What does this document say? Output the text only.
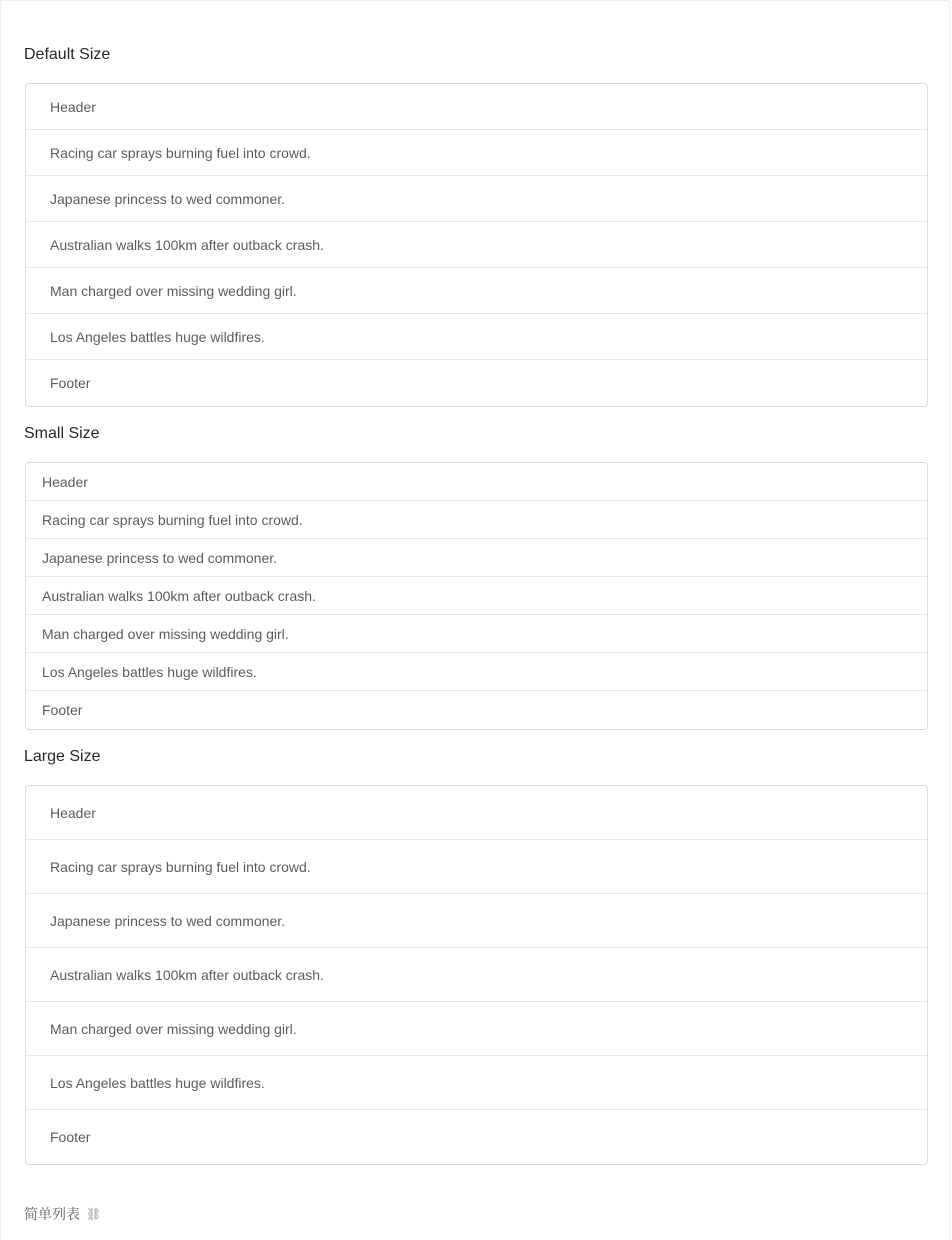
Default Size
Header
Racing car sprays burning fuel into crowd.
Japanese princess to wed commoner.
Australian walks 100km after outback crash.
Man charged over missing wedding girl.
Los Angeles battles huge wildfires.
Footer
Small Size
Header
Racing car sprays burning fuel into crowd.
Japanese princess to wed commoner.
Australian walks 100km after outback crash.
Man charged over missing wedding girl.
Los Angeles battles huge wildfires.
Footer
Large Size
Header
Racing car sprays burning fuel into crowd.
Japanese princess to wed commoner.
Australian walks 100km after outback crash.
Man charged over missing wedding girl.
Los Angeles battles huge wildfires.
Footer
简单列表 ⛓
